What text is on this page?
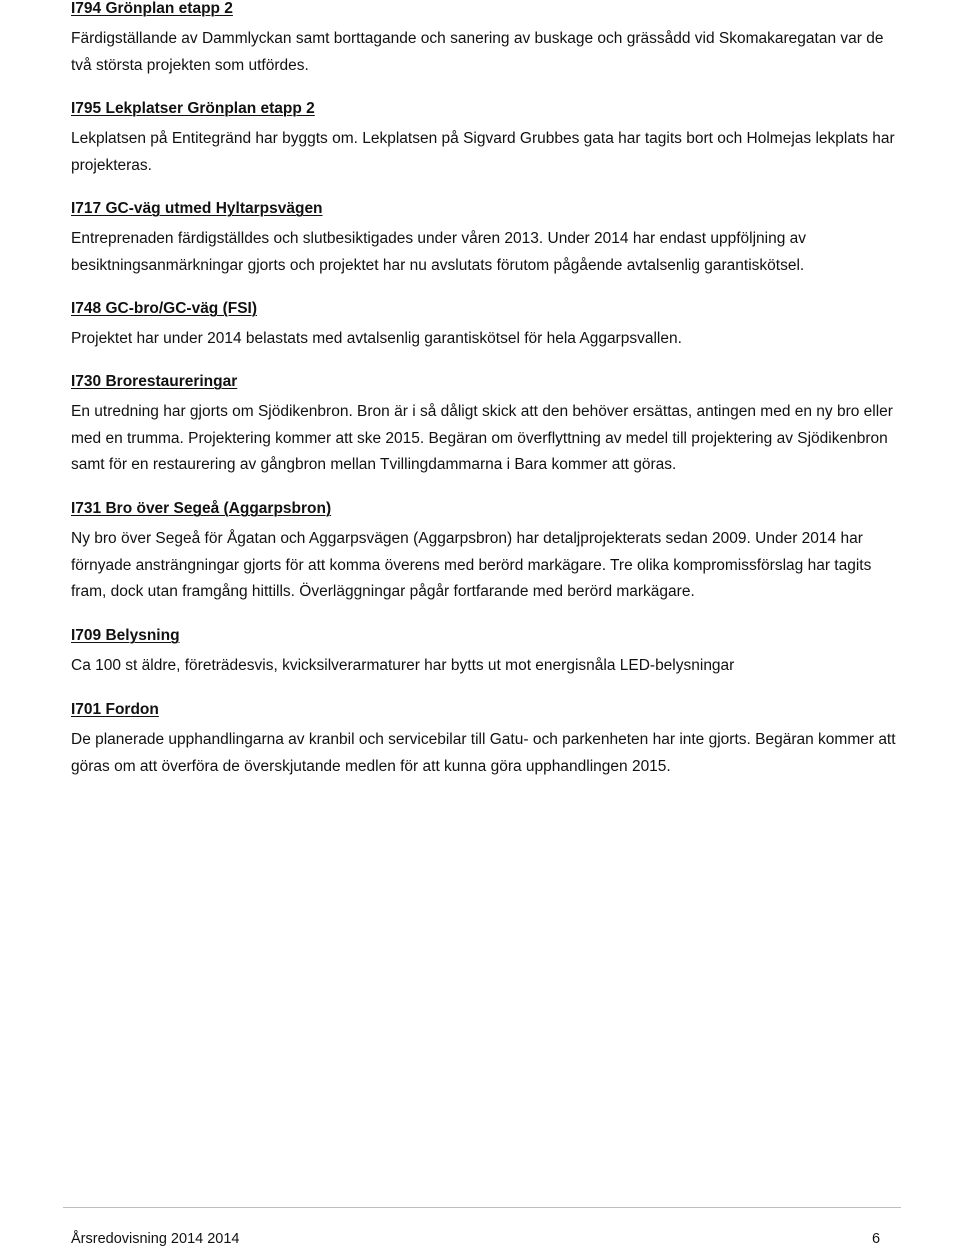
I794 Grönplan etapp 2

Färdigställande av Dammlyckan samt borttagande och sanering av buskage och grässådd vid Skomakaregatan var de två största projekten som utfördes.

I795 Lekplatser Grönplan etapp 2

Lekplatsen på Entitegränd har byggts om. Lekplatsen på Sigvard Grubbes gata har tagits bort och Holmejas lekplats har projekteras.

I717 GC-väg utmed Hyltarpsvägen

Entreprenaden färdigställdes och slutbesiktigades under våren 2013. Under 2014 har endast uppföljning av besiktningsanmärkningar gjorts och projektet har nu avslutats förutom pågående avtalsenlig garantiskötsel.

I748 GC-bro/GC-väg (FSI)

Projektet har under 2014 belastats med avtalsenlig garantiskötsel för hela Aggarpsvallen.

I730 Brorestaureringar

En utredning har gjorts om Sjödikenbron. Bron är i så dåligt skick att den behöver ersättas, antingen med en ny bro eller med en trumma. Projektering kommer att ske 2015. Begäran om överflyttning av medel till projektering av Sjödikenbron samt för en restaurering av gångbron mellan Tvillingdammarna i Bara kommer att göras.

I731 Bro över Segeå (Aggarpsbron)

Ny bro över Segeå för Ågatan och Aggarpsvägen (Aggarpsbron) har detaljprojekterats sedan 2009. Under 2014 har förnyade ansträngningar gjorts för att komma överens med berörd markägare. Tre olika kompromissförslag har tagits fram, dock utan framgång hittills. Överläggningar pågår fortfarande med berörd markägare.

I709 Belysning

Ca 100 st äldre, företrädesvis, kvicksilverarmaturer har bytts ut mot energisnåla LED-belysningar

I701 Fordon

De planerade upphandlingarna av kranbil och servicebilar till Gatu- och parkenheten har inte gjorts. Begäran kommer att göras om att överföra de överskjutande medlen för att kunna göra upphandlingen 2015.

Årsredovisning 2014 2014	6
